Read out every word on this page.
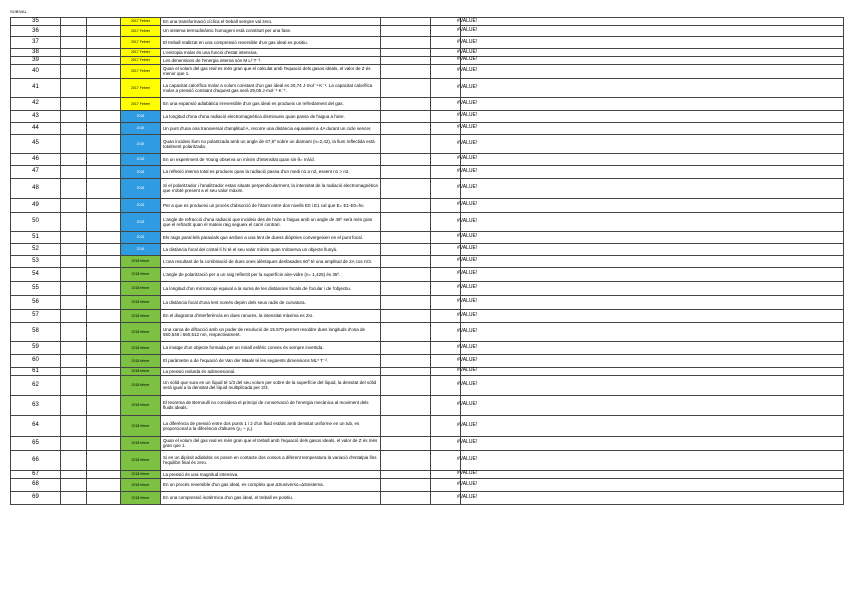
SOBIVAL
35			2017 Febrer	En una transformació cíclica el treball sempre val zero.		#VALUE!	
36			2017 Febrer	Un sistema termodinàmic homogeni està constituït per una fase.		#VALUE!	
37			2017 Febrer	El treball realitzat en una compressió reversible d'un gas ideal es positiu.		#VALUE!	
38			2017 Febrer	L'entropia molar és una funció d'estat intensiva.		#VALUE!	
39			2017 Febrer	Les dimensions de l'energia interna són M L² T⁻².		#VALUE!	
40			2017 Febrer	Quan el volum del gas real es més gran que el calculat amb l'equació dels gasos ideals, el valor de Z és menor que 1.		#VALUE!	
41			2017 Febrer	La capacitat calorífica molar a volum constant d'un gas ideal es 20,74 J·mol⁻¹·K⁻¹. La capacitat calorífica molar a pressió constant d'aquest gas serà 29,05 J·mol⁻¹·K⁻¹.		#VALUE!	
42			2017 Febrer	En una expansió adiabàtica irreversible d'un gas ideal es produeix un refredament del gas.		#VALUE!	
43			2018	La longitud d'ona d'una radiació electromagnètica disminueix quan passa de l'aigua a l'aire.		#VALUE!	
44			2018	Un punt d'una ona transversal d'amplitud A, recorre una distància equivalent a 4A durant un cicle sencer.		#VALUE!	
45			2018	Quan incideix llum no polaritzada amb un angle de 67,5º sobre un diamant (n=2,42), la llum reflectida està totalment polaritzada.		#VALUE!	
46			2018	En un experiment de Young observa un mínim d'intensitat quan sin θ= mλ/d.		#VALUE!	
47			2018	La reflexió interna total es produeix quan la radiació passa d'un medi n1 a n2, essent n1 > n2.		#VALUE!	
48			2018	Si el polaritzador i l'analitzador estan situats perpendicularment, la intensitat de la radiació electromagnètica que s'obté present a el seu valor màxim.		#VALUE!	
49			2018	Per a que es produeixi un procés d'absorció de l'àtom entre dos nivells E0 i E1 cal que E= E1-E0=hν.		#VALUE!	
50			2018	L'angle de refracció d'una radiació que incideix des de l'aire a l'aigua amb un angle de 45º serà més gran que el refractit quan el mateix raig segueix el camí contrari.		#VALUE!	
51			2018	Els raigs paral·lels paraxials que arriben a una lent de duess diòptries convergeixen en el punt focal.		#VALUE!	
52			2018	La distància focal del cristal·lí hi té el seu valor mínim quan s'observa un objecte llunyà.		#VALUE!	
53			2018 febrer	L'ona resultant de la combinació de dues ones idèntiques desfasades 60º té una amplitud de 2A cos π/3.		#VALUE!	
54			2018 febrer	L'angle de polarització per a un raig reflectit per la superfície aire-vidre (n= 1,425) és 35º.		#VALUE!	
55			2018 febrer	La longitud d'un microscopi equival a la suma de les distàncies focals de l'ocular i de l'objectiu.		#VALUE!	
56			2018 febrer	La distància focal d'una lent només depèn dels seus radis de curvatura.		#VALUE!	
57			2018 febrer	En el diagrama d'interferència en dues ranures, la intensitat màxima es 2Io.		#VALUE!	
58			2018 febrer	Una xarxa de difracció amb un poder de resolució de 15.570 permet resoldre dues longituds d'ona de 560,546 i 560,512 nm, respectivament.		#VALUE!	
59			2018 febrer	La imatge d'un objecte formada per un mirall esfèric convex és sempre invertida.		#VALUE!	
60			2018 febrer	El paràmetre a de l'equació de Van der Waals té les següents dimensions ML⁵ T⁻².		#VALUE!	
61			2018 febrer	La pressió reduïda és adimensional.		#VALUE!	
62			2018 febrer	Un sòlid que sura en un líquid té 1/3 del seu volum per sobre de la superfície del líquid, la densitat del sòlid serà igual a la densitat del líquid multiplicada per 2/3.		#VALUE!	
63			2018 febrer	El teorema de Bernoulli no considera el principi de conservació de l'energia mecànica al moviment dels fluids ideals.		#VALUE!	
64			2018 febrer	La diferència de pressió entre dos punts 1 i 2 d'un fluid estàtic amb densitat uniforme en un tub, es proporcional a la diferència d'altures (y₂ – y₁).		#VALUE!	
65			2018 febrer	Quan el volum del gas real es més gran que el treball amb l'equació dels gasos ideals, el valor de Z és més gran que 1.		#VALUE!	
66			2018 febrer	Si en un dipòsit adiabàtic es posen en contacte dos cossos a diferent temperatura la variació d'entalpia fins l'equilibri final és zero.		#VALUE!	
67			2018 febrer	La pressió és una magnitud intensiva.		#VALUE!	
68			2018 febrer	En un procés reversible d'un gas ideal, es compleix que ΔSuniverso=ΔSsistema.		#VALUE!	
69			2018 febrer	En una compressió isotèrmica d'un gas ideal, el treball es positiu.		#VALUE!	
